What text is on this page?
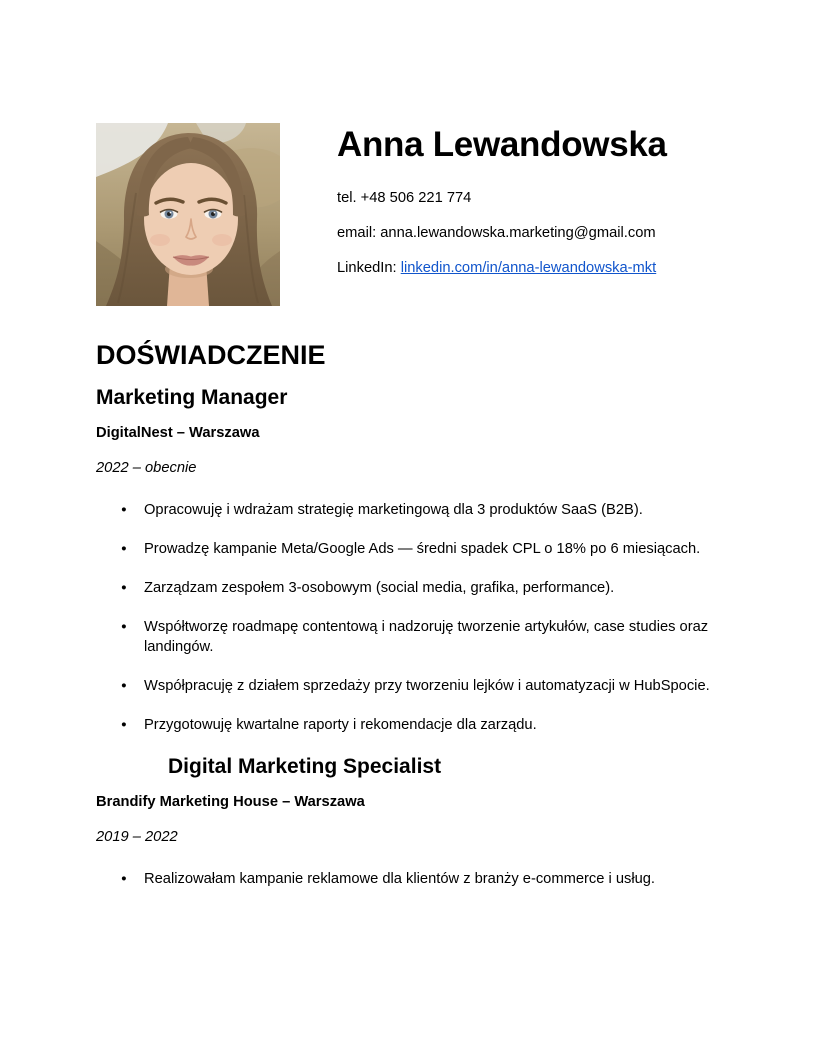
Anna Lewandowska

tel. +48 506 221 774

email: anna.lewandowska.marketing@gmail.com

LinkedIn: linkedin.com/in/anna-lewandowska-mkt

DOŚWIADCZENIE
Marketing Manager

DigitalNest – Warszawa

2022 – obecnie

● Opracowuję i wdrażam strategię marketingową dla 3 produktów SaaS (B2B).
● Prowadzę kampanie Meta/Google Ads — średni spadek CPL o 18% po 6 miesiącach.
● Zarządzam zespołem 3-osobowym (social media, grafika, performance).
● Współtworzę roadmapę contentową i nadzoruję tworzenie artykułów, case studies oraz landingów.
● Współpracuję z działem sprzedaży przy tworzeniu lejków i automatyzacji w HubSpocie.
● Przygotowuję kwartalne raporty i rekomendacje dla zarządu.
Digital Marketing Specialist

Brandify Marketing House – Warszawa

2019 – 2022

● Realizowałam kampanie reklamowe dla klientów z branży e-commerce i usług.
